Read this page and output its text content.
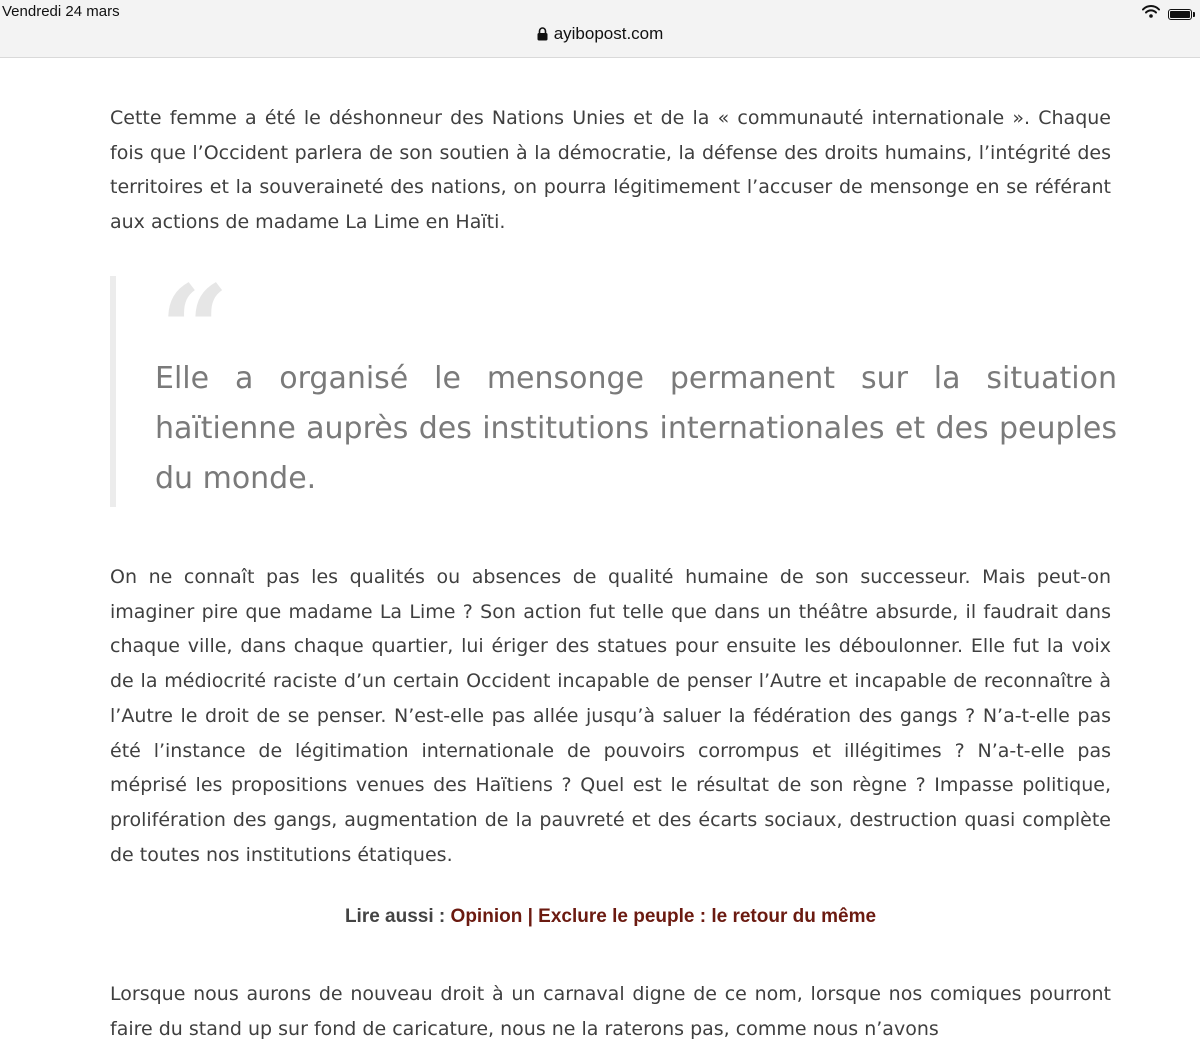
Cette femme a été le déshonneur des Nations Unies et de la « communauté internationale ». Chaque fois que l’Occident parlera de son soutien à la démocratie, la défense des droits humains, l’intégrité des territoires et la souveraineté des nations, on pourra légitimement l’accuser de mensonge en se référant aux actions de madame La Lime en Haïti.

“

Elle a organisé le mensonge permanent sur la situation haïtienne auprès des institutions internationales et des peuples du monde.

On ne connaît pas les qualités ou absences de qualité humaine de son successeur. Mais peut-on imaginer pire que madame La Lime ? Son action fut telle que dans un théâtre absurde, il faudrait dans chaque ville, dans chaque quartier, lui ériger des statues pour ensuite les déboulonner. Elle fut la voix de la médiocrité raciste d’un certain Occident incapable de penser l’Autre et incapable de reconnaître à l’Autre le droit de se penser. N’est-elle pas allée jusqu’à saluer la fédération des gangs ? N’a-t-elle pas été l’instance de légitimation internationale de pouvoirs corrompus et illégitimes ? N’a-t-elle pas méprisé les propositions venues des Haïtiens ? Quel est le résultat de son règne ? Impasse politique, prolifération des gangs, augmentation de la pauvreté et des écarts sociaux, destruction quasi complète de toutes nos institutions étatiques.

Lire aussi : Opinion | Exclure le peuple : le retour du même

Lorsque nous aurons de nouveau droit à un carnaval digne de ce nom, lorsque nos comiques pourront faire du stand up sur fond de caricature, nous ne la raterons pas, comme nous n’avons

Vendredi 24 mars
ayibopost.com
